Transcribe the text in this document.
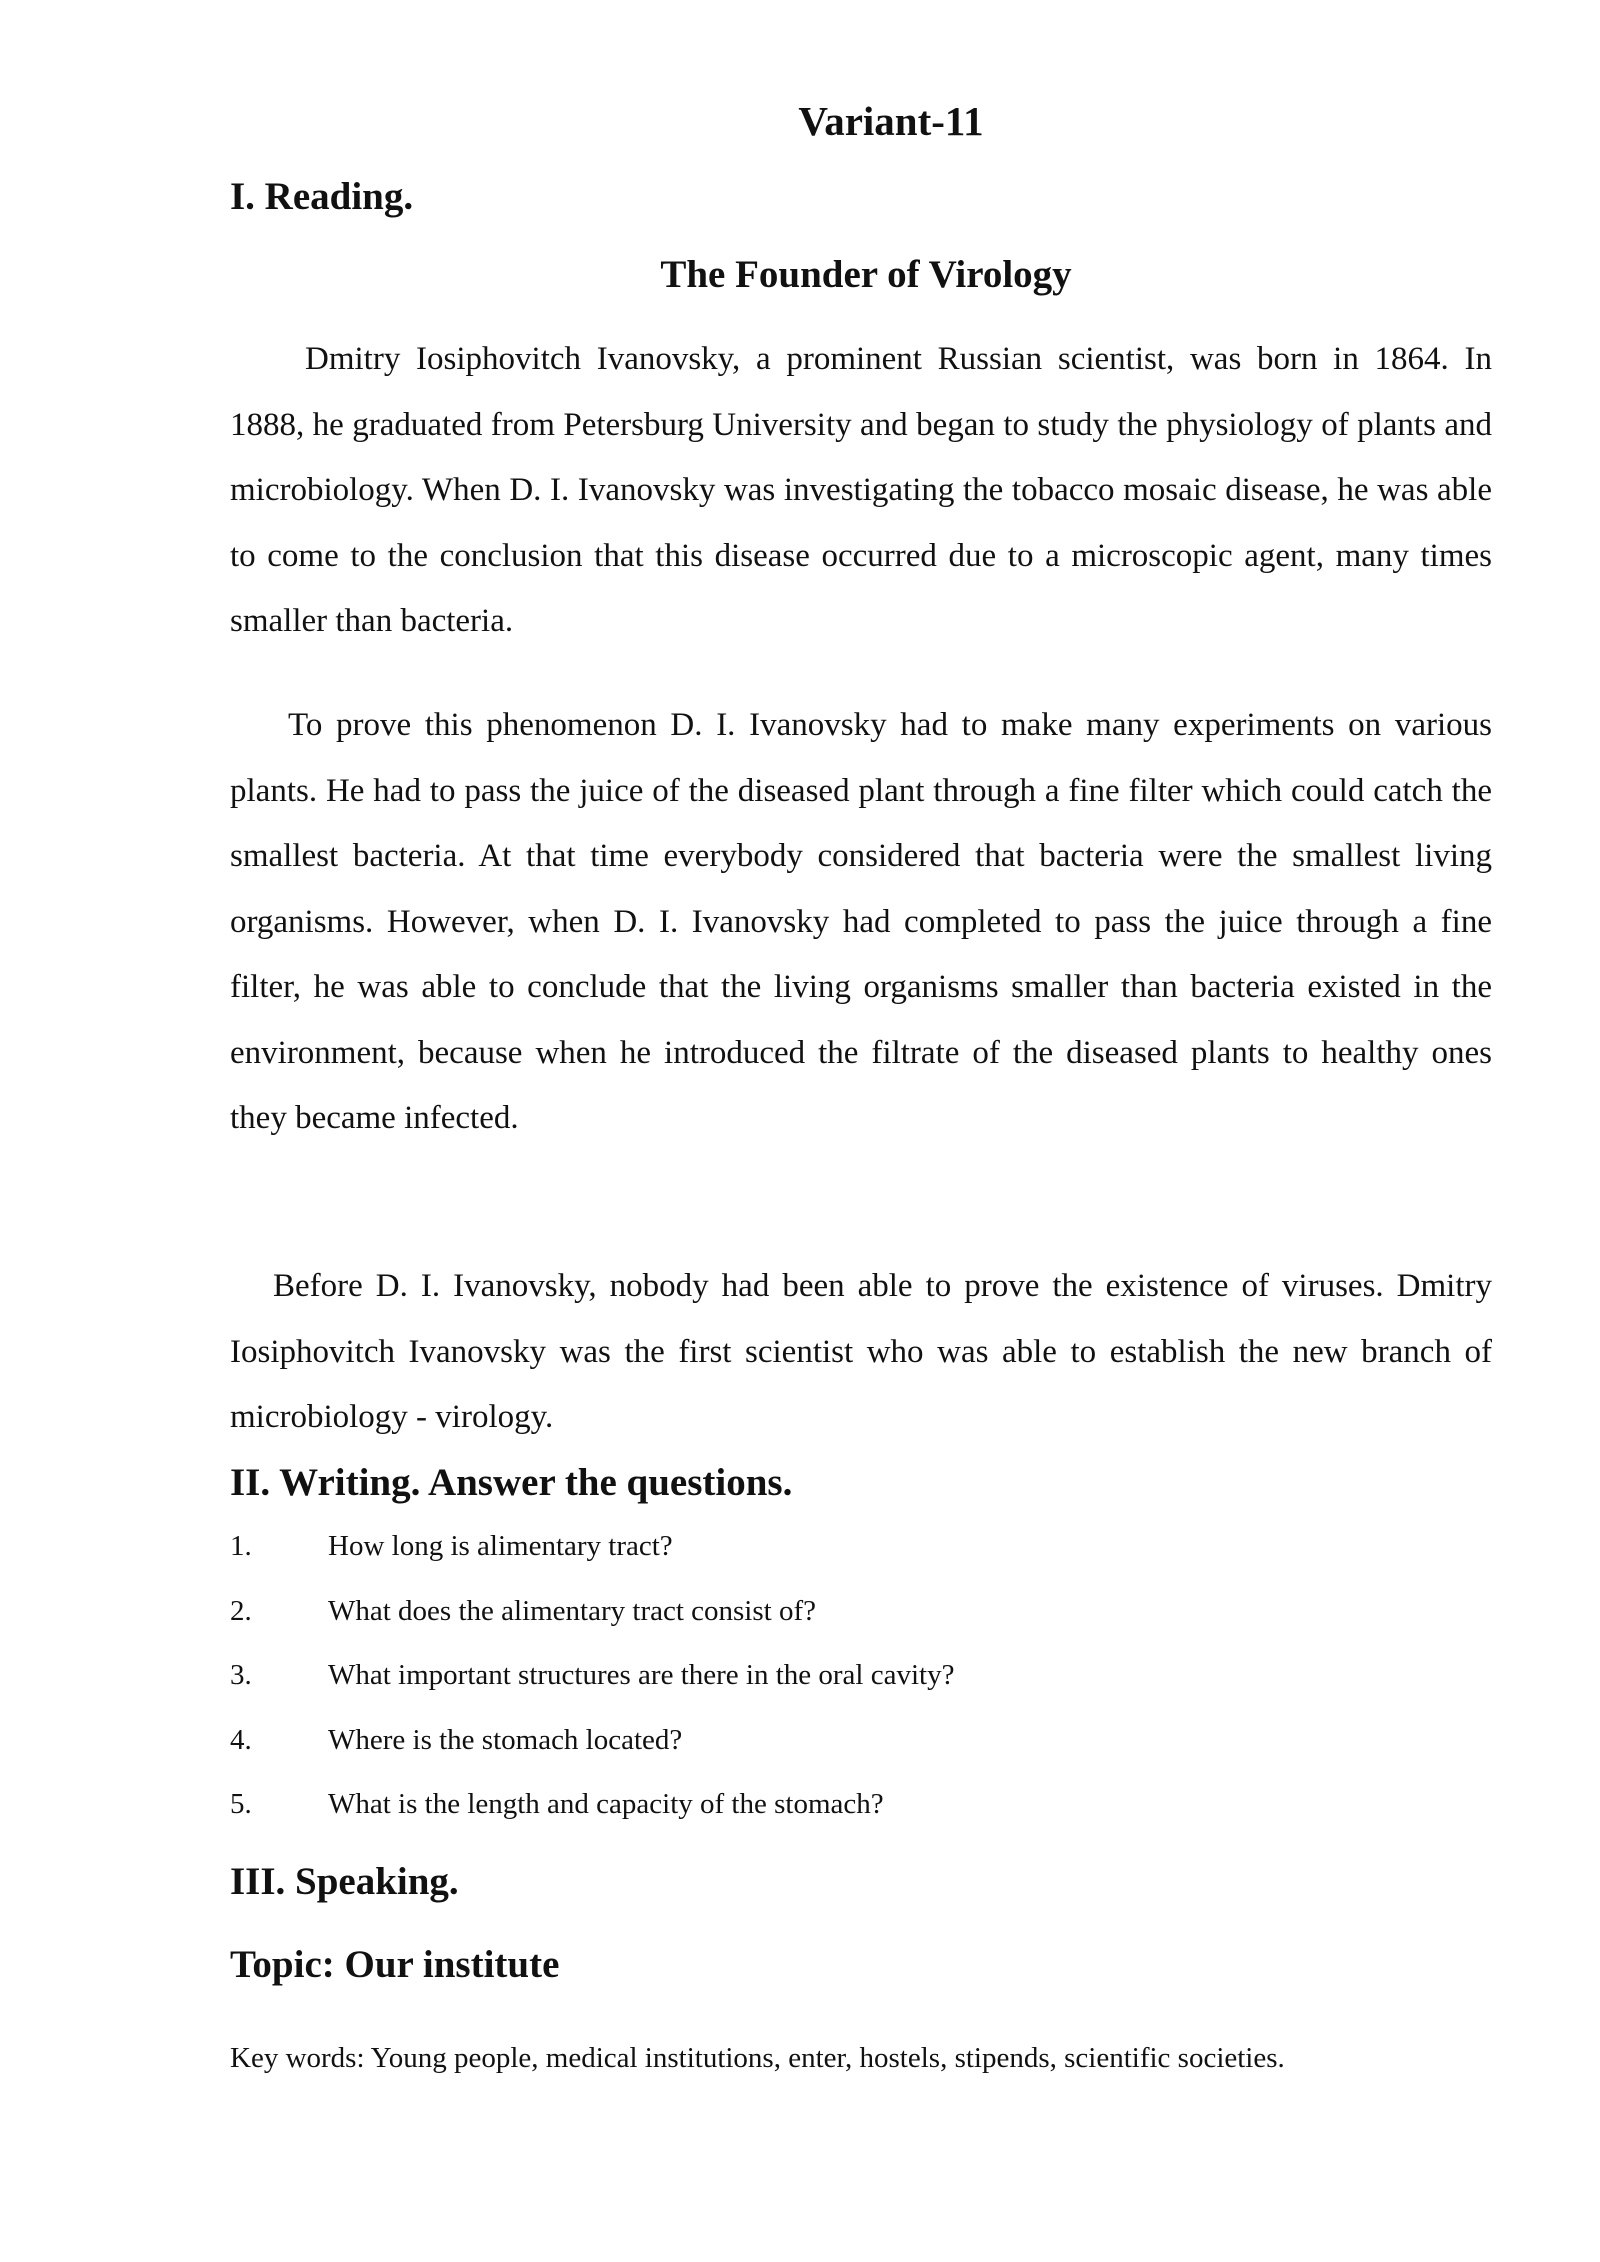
Variant-11
I. Reading.
The Founder of Virology

Dmitry Iosiphovitch Ivanovsky, a prominent Russian scientist, was born in 1864. In 1888, he graduated from Petersburg University and began to study the physiology of plants and microbiology. When D. I. Ivanovsky was investigating the tobacco mosaic disease, he was able to come to the conclusion that this disease occurred due to a microscopic agent, many times smaller than bacteria.

To prove this phenomenon D. I. Ivanovsky had to make many experiments on various plants. He had to pass the juice of the diseased plant through a fine filter which could catch the smallest bacteria. At that time everybody considered that bacteria were the smallest living organisms. However, when D. I. Ivanovsky had completed to pass the juice through a fine filter, he was able to conclude that the living organisms smaller than bacteria existed in the environment, because when he introduced the filtrate of the diseased plants to healthy ones they became infected.

Before D. I. Ivanovsky, nobody had been able to prove the existence of viruses. Dmitry Iosiphovitch Ivanovsky was the first scientist who was able to establish the new branch of microbiology - virology.

II. Writing. Answer the questions.
1.	How long is alimentary tract?
2.	What does the alimentary tract consist of?
3.	What important structures are there in the oral cavity?
4.	Where is the stomach located?
5.	What is the length and capacity of the stomach?
III. Speaking.
Topic: Our institute
Key words: Young people, medical institutions, enter, hostels, stipends, scientific societies.
